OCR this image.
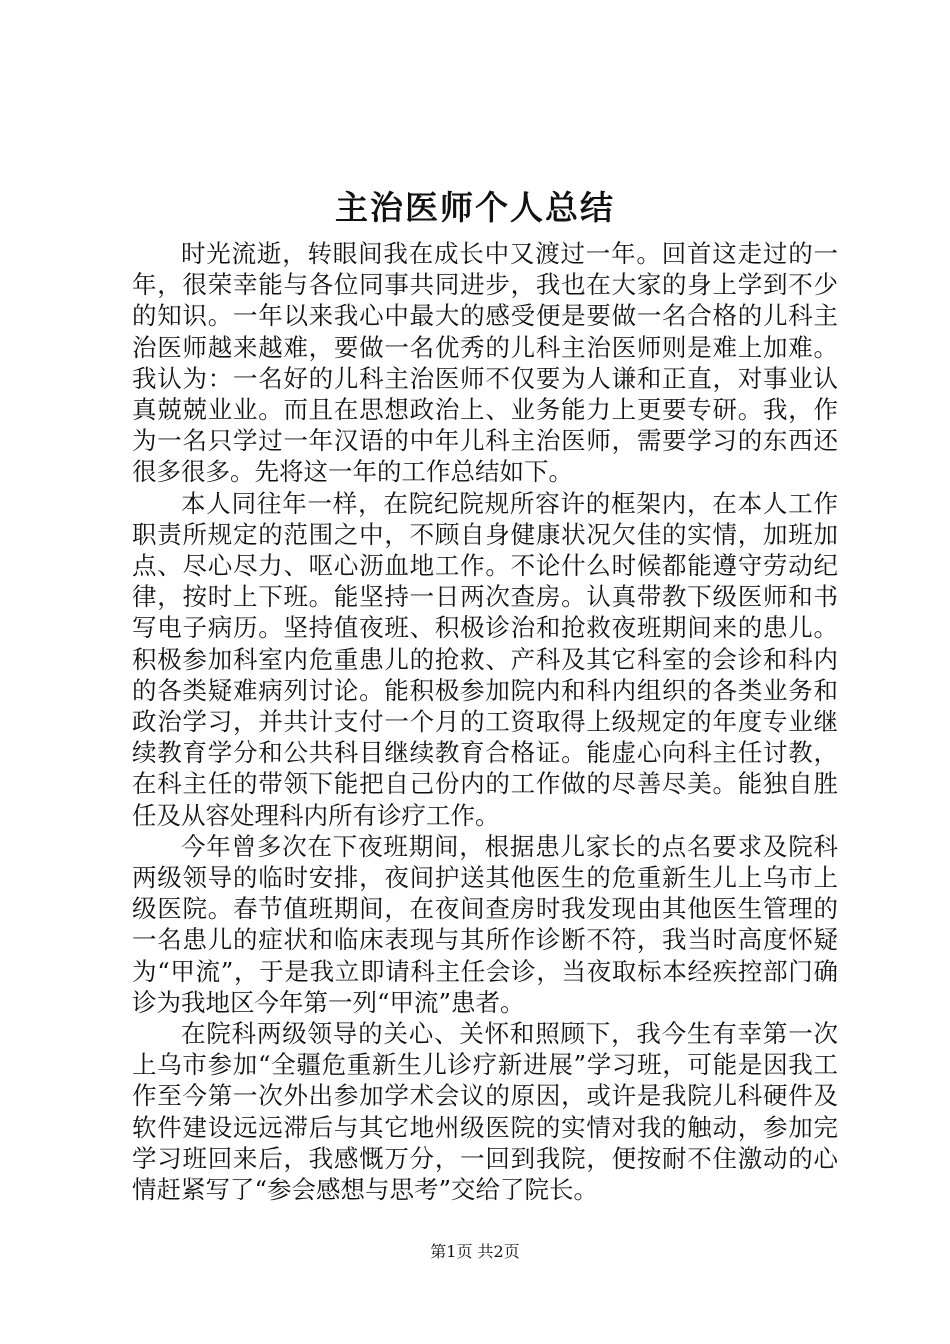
主治医师个人总结

时光流逝，转眼间我在成长中又渡过一年。回首这走过的一年，很荣幸能与各位同事共同进步，我也在大家的身上学到不少的知识。一年以来我心中最大的感受便是要做一名合格的儿科主治医师越来越难，要做一名优秀的儿科主治医师则是难上加难。我认为：一名好的儿科主治医师不仅要为人谦和正直，对事业认真兢兢业业。而且在思想政治上、业务能力上更要专研。我，作为一名只学过一年汉语的中年儿科主治医师，需要学习的东西还很多很多。先将这一年的工作总结如下。

本人同往年一样，在院纪院规所容许的框架内，在本人工作职责所规定的范围之中，不顾自身健康状况欠佳的实情，加班加点、尽心尽力、呕心沥血地工作。不论什么时候都能遵守劳动纪律，按时上下班。能坚持一日两次查房。认真带教下级医师和书写电子病历。坚持值夜班、积极诊治和抢救夜班期间来的患儿。积极参加科室内危重患儿的抢救、产科及其它科室的会诊和科内的各类疑难病列讨论。能积极参加院内和科内组织的各类业务和政治学习，并共计支付一个月的工资取得上级规定的年度专业继续教育学分和公共科目继续教育合格证。能虚心向科主任讨教，在科主任的带领下能把自己份内的工作做的尽善尽美。能独自胜任及从容处理科内所有诊疗工作。

今年曾多次在下夜班期间，根据患儿家长的点名要求及院科两级领导的临时安排，夜间护送其他医生的危重新生儿上乌市上级医院。春节值班期间，在夜间查房时我发现由其他医生管理的一名患儿的症状和临床表现与其所作诊断不符，我当时高度怀疑为“甲流”，于是我立即请科主任会诊，当夜取标本经疾控部门确诊为我地区今年第一列“甲流”患者。

在院科两级领导的关心、关怀和照顾下，我今生有幸第一次上乌市参加“全疆危重新生儿诊疗新进展”学习班，可能是因我工作至今第一次外出参加学术会议的原因，或许是我院儿科硬件及软件建设远远滞后与其它地州级医院的实情对我的触动，参加完学习班回来后，我感慨万分，一回到我院，便按耐不住激动的心情赶紧写了“参会感想与思考”交给了院长。

第1页 共2页
